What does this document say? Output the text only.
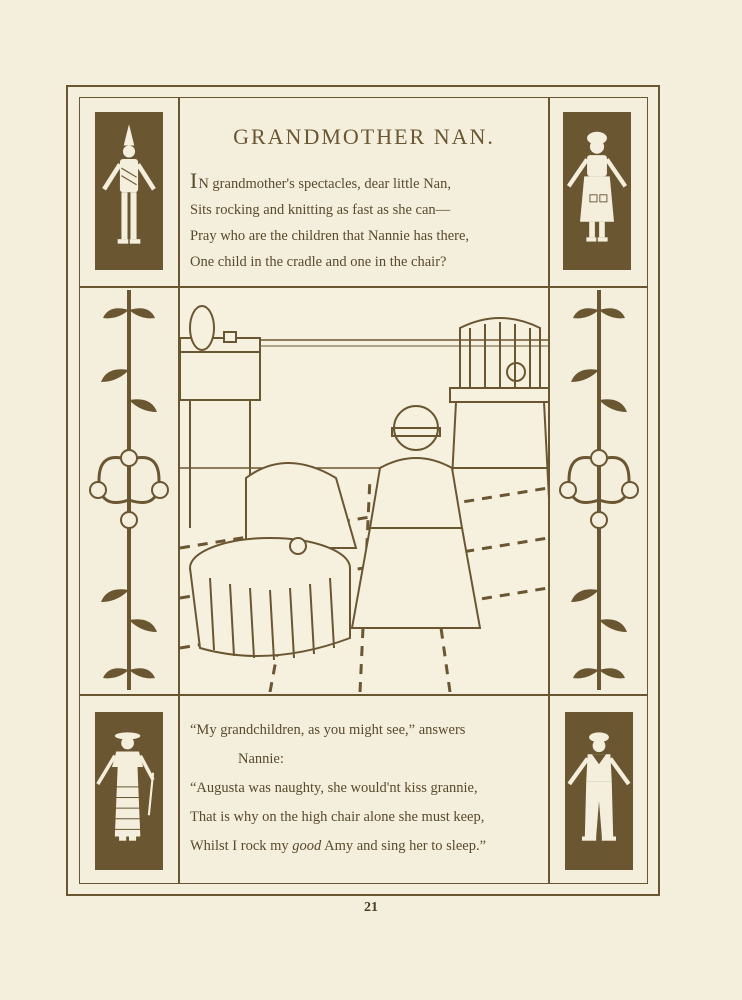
GRANDMOTHER NAN.
IN grandmother's spectacles, dear little Nan,
Sits rocking and knitting as fast as she can—
Pray who are the children that Nannie has there,
One child in the cradle and one in the chair?
“My grandchildren, as you might see,” answers
Nannie:
“Augusta was naughty, she would'nt kiss grannie,
That is why on the high chair alone she must keep,
Whilst I rock my good Amy and sing her to sleep.”
21
